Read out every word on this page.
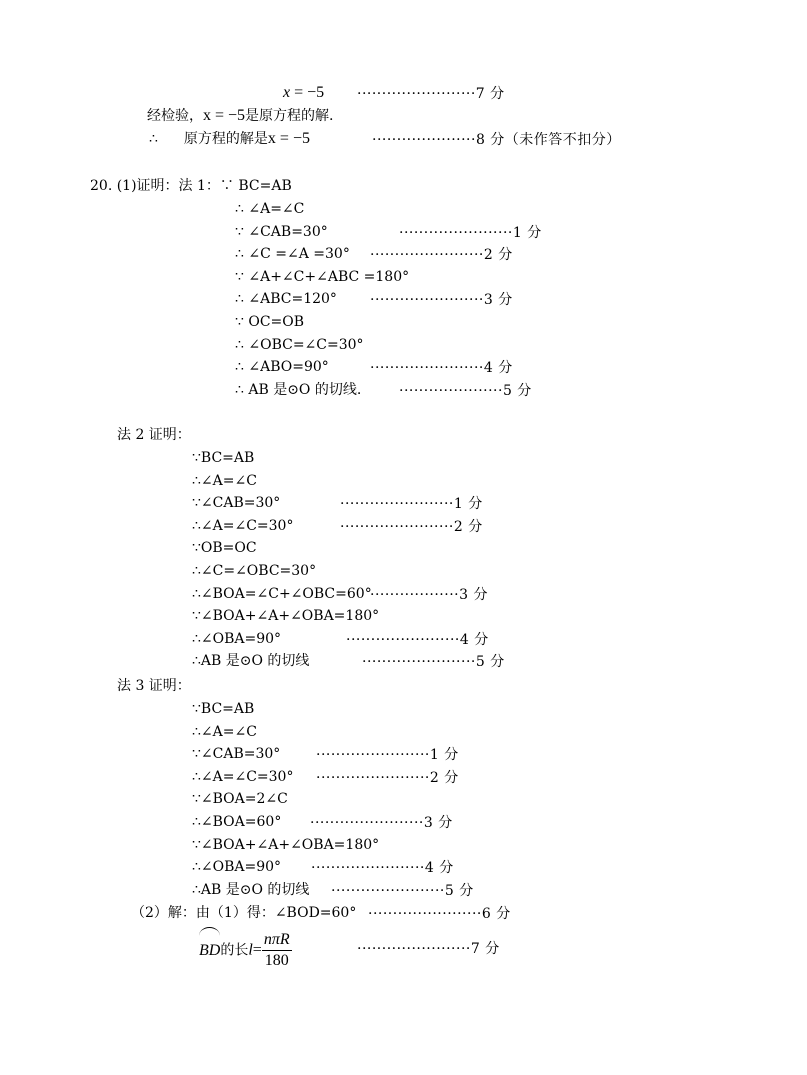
x = −5 ························7 分
经检验，x = −5是原方程的解.
∴ 原方程的解是x = −5	·····················8 分（未作答不扣分）
20. (1)证明：法 1：∵ BC=AB
∴ ∠A=∠C
∵ ∠CAB=30°	·······················1 分
∴ ∠C =∠A =30° ·······················2 分
∵ ∠A+∠C+∠ABC =180°
∴ ∠ABC=120° ·······················3 分
∵ OC=OB
∴ ∠OBC=∠C=30°
∴ ∠ABO=90°	·······················4 分
∴ AB 是⊙O 的切线.	·····················5 分
法 2 证明：
∵BC=AB
∴∠A=∠C
∵∠CAB=30°	·······················1 分
∴∠A=∠C=30°	·······················2 分
∵OB=OC
∴∠C=∠OBC=30°
∴∠BOA=∠C+∠OBC=60°
··················3 分
∵∠BOA+∠A+∠OBA=180°
∴∠OBA=90°	·······················4 分
∴AB 是⊙O 的切线	·······················5 分
法 3 证明：
∵BC=AB
∴∠A=∠C
∵∠CAB=30°	·······················1 分
∴∠A=∠C=30° ·······················2 分
∵∠BOA=2∠C
∴∠BOA=60° ·······················3 分
∵∠BOA+∠A+∠OBA=180°
∴∠OBA=90° ·······················4 分
∴AB 是⊙O 的切线 ·······················5 分
（2）解：由（1）得：∠BOD=60° ·······················6 分
BD的长$l= \frac{\text{nπR}}{180}$	·······················7 分
